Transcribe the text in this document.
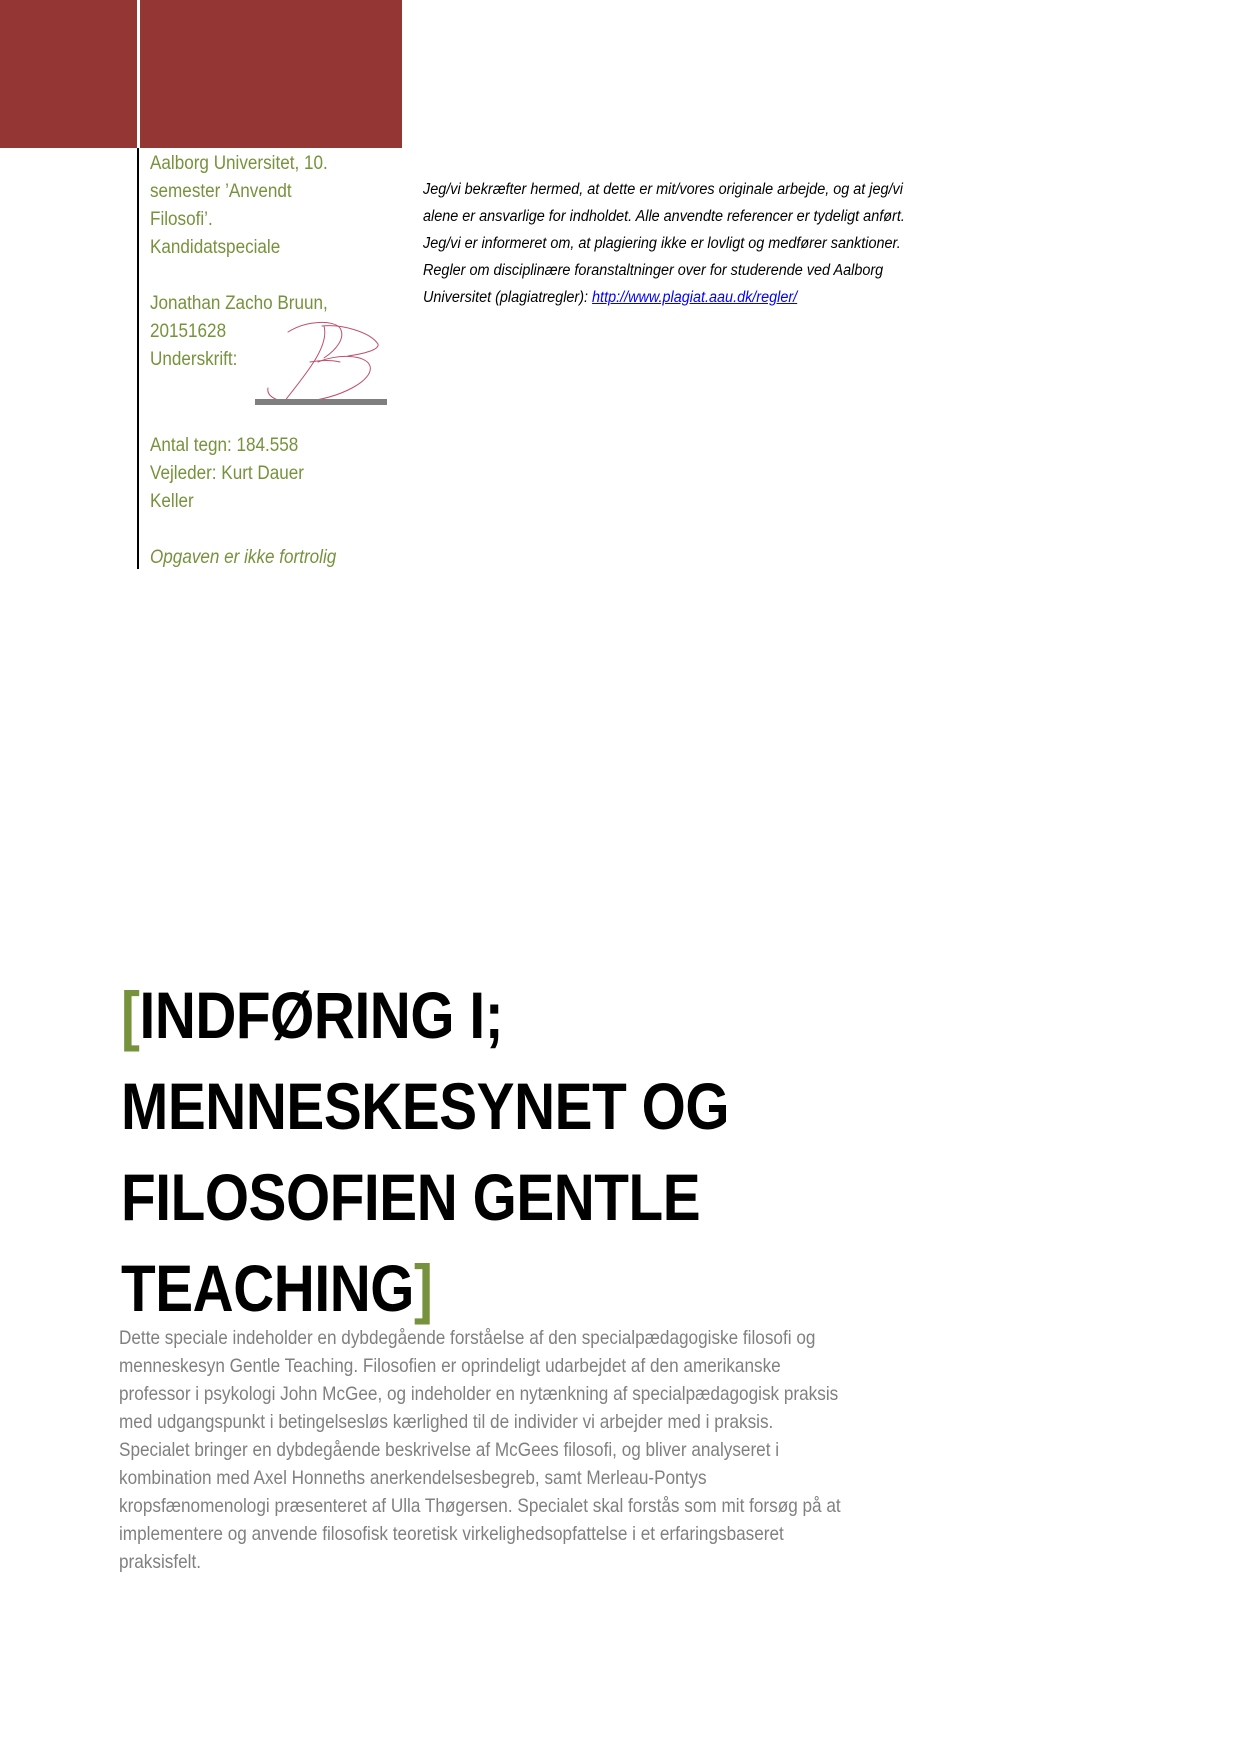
Aalborg Universitet, 10.
semester ’Anvendt
Filosofi’.
Kandidatspeciale
Jonathan Zacho Bruun,
20151628
Underskrift:
Antal tegn: 184.558
Vejleder: Kurt Dauer
Keller
Opgaven er ikke fortrolig
Jeg/vi bekræfter hermed, at dette er mit/vores originale arbejde, og at jeg/vi
alene er ansvarlige for indholdet. Alle anvendte referencer er tydeligt anført.
Jeg/vi er informeret om, at plagiering ikke er lovligt og medfører sanktioner.
Regler om disciplinære foranstaltninger over for studerende ved Aalborg
Universitet (plagiatregler): http://www.plagiat.aau.dk/regler/
[INDFØRING I;
MENNESKESYNET OG
FILOSOFIEN GENTLE
TEACHING]
Dette speciale indeholder en dybdegående forståelse af den specialpædagogiske filosofi og
menneskesyn Gentle Teaching. Filosofien er oprindeligt udarbejdet af den amerikanske
professor i psykologi John McGee, og indeholder en nytænkning af specialpædagogisk praksis
med udgangspunkt i betingelsesløs kærlighed til de individer vi arbejder med i praksis.
Specialet bringer en dybdegående beskrivelse af McGees filosofi, og bliver analyseret i
kombination med Axel Honneths anerkendelsesbegreb, samt Merleau-Pontys
kropsfænomenologi præsenteret af Ulla Thøgersen. Specialet skal forstås som mit forsøg på at
implementere og anvende filosofisk teoretisk virkelighedsopfattelse i et erfaringsbaseret
praksisfelt.
